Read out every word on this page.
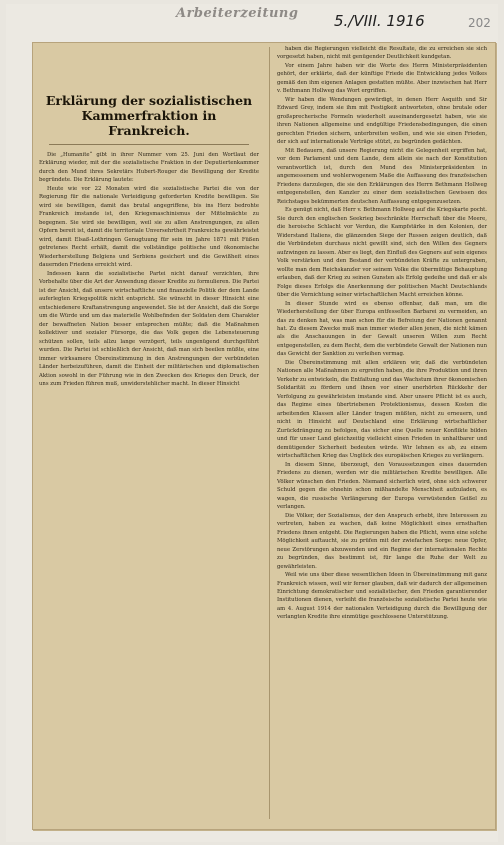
Arbeiterzeitung 5./VIII. 1916	202
Erklärung der sozialistischen Kammerfraktion in Frankreich.

Die „Humanite“ gibt in ihrer Nummer vom 25. Juni den Wortlaut der Erklärung wieder, mit der die sozialistische Fraktion in der Deputiertenkammer durch den Mund ihres Sekretärs Hubert-Rouger die Bewilligung der Kredite begründete. Die Erklärung lautete:

Heute wie vor 22 Monaten wird die sozialistische Partei die von der Regierung für die nationale Verteidigung geforderten Kredite bewilligen. Sie wird sie bewilligen, damit das brutal angegriffene, bis ins Herz bedrohte Frankreich imstande ist, den Kriegsmaschinismus der Mittelmächte zu begegnen. Sie wird sie bewilligen, weil sie zu allen Anstrengungen, zu allen Opfern bereit ist, damit die territoriale Unversehrtheit Frankreichs gewährleistet wird, damit Elsaß-Lothringen Genugtuung für sein im Jahre 1871 mit Füßen getretenes Recht erhält, damit die vollständige politische und ökonomische Wiederherstellung Belgiens und Serbiens gesichert und die Gewißheit eines dauernden Friedens erreicht wird.

Indessen kann die sozialistische Partei nicht darauf verzichten, ihre Vorbehalte über die Art der Anwendung dieser Kredite zu formulieren. Die Partei ist der Ansicht, daß unsere wirtschaftliche und finanzielle Politik der dem Lande auferlegten Kriegspolitik nicht entspricht. Sie wünscht in dieser Hinsicht eine entschiedenere Kraftanstrengung angewendet. Sie ist der Ansicht, daß die Sorge um die Würde und um das materielle Wohlbefinden der Soldaten dem Charakter der bewaffneten Nation besser entsprechen müßte; daß die Maßnahmen kollektiver und sozialer Fürsorge, die das Volk gegen die Lebensteuerung schützen sollen, teils allzu lange verzögert, teils ungenügend durchgeführt wurden. Die Partei ist schließlich der Ansicht, daß man sich beeilen müßte, eine immer wirksamere Übereinstimmung in den Anstrengungen der verbündeten Länder herbeizuführen, damit die Einheit der militärischen und diplomatischen Aktion sowohl in der Führung wie in den Zwecken des Krieges den Druck, der uns zum Frieden führen muß, unwiderstehlicher macht. In dieser Hinsicht

haben die Regierungen vielleicht die Resultate, die zu erreichen sie sich vorgesetzt haben, nicht mit genügender Deutlichkeit kundgetan.

Vor einem Jahre haben wir die Worte des Herrn Ministerpräsidenten gehört, der erklärte, daß der künftige Friede die Entwicklung jedes Volkes gemäß den ihm eigenen Anlagen gestatten müßte. Aber inzwischen hat Herr v. Bethmann Hollweg das Wort ergriffen.

Wir haben die Wendungen gewürdigt, in denen Herr Asquith und Sir Edward Grey, indem sie ihm mit Festigkeit antworteten, ohne brutale oder großsprecherische Formeln wiederholt auseinandergesetzt haben, wie sie ihren Nationen allgemeine und endgültige Friedensbedingungen, die einen gerechten Frieden sichern, unterbreiten wollen, und wie sie einen Frieden, der sich auf internationale Verträge stützt, zu begründen gedächten.

Mit Bedauern, daß unsere Regierung nicht die Gelegenheit ergriffen hat, vor dem Parlament und dem Lande, dem allein sie nach der Konstitution verantwortlich ist, durch den Mund des Ministerpräsidenten in angemessenem und wohlerwogenem Maße die Auffassung des französischen Friedens darzulegen, die sie den Erklärungen des Herrn Bethmann Hollweg entgegenstellen, den Kanzler zu einer dem sozialistischen Gewissen des Reichstages bekümmerten deutschen Auffassung entgegenzusetzen.

Es genügt nicht, daß Herr v. Bethmann Hollweg auf die Kriegskarte pocht. Sie durch den englischen Seekrieg beschränkte Herrschaft über die Meere, die heroische Schlacht vor Verdun, die Kampfstärke in den Kolonien, der Widerstand Italiens, die glänzenden Siege der Russen zeigen deutlich, daß die Verbündeten durchaus nicht gewillt sind, sich den Willen des Gegners aufzwingen zu lassen. Aber es liegt, den Einfluß des Gegners auf sein eigenes Volk verstärken und den Bestand der verbündeten Kräfte zu untergraben, wollte man dem Reichskanzler vor seinem Volke die übermütige Behauptung erlauben, daß der Krieg zu seinen Gunsten als Erfolg gedeihe und daß er als Folge dieses Erfolgs die Anerkennung der politischen Macht Deutschlands über die Vernichtung seiner wirtschaftlichen Macht erreichen könne.

In dieser Stunde wird es ebenso offenbar, daß man, um die Wiederherstellung der über Europa entfesselten Barbarei zu vermeiden, an das zu denken hat, was man schon für die Befreiung der Nationen genannt hat. Zu diesem Zwecke muß man immer wieder allen jenen, die nicht kämen als die Anschauungen in der Gewalt unseren Willen zum Recht entgegenstellen, zu dem Recht, dem die verbündete Gewalt der Nationen nun das Gewicht der Sanktion zu verleihen vermag.

Die Übereinstimmung mit allen erklären wir, daß die verbündeten Nationen alle Maßnahmen zu ergreifen haben, die ihre Produktion und ihren Verkehr zu entwickeln, die Entfaltung und das Wachstum ihrer ökonomischen Solidarität zu fördern und ihnen vor einer unerhörten Rückkehr der Verfolgung zu gewährleisten imstande sind. Aber unsere Pflicht ist es auch, das Regime eines übertriebenen Protektionismus, dessen Kosten die arbeitenden Klassen aller Länder tragen müßten, nicht zu erneuern, und nicht in Hinsicht auf Deutschland eine Erklärung wirtschaftlicher Zurückdrängung zu befolgen, das sicher eine Quelle neuer Konflikte bilden und für unser Land gleichzeitig vielleicht einen Frieden in unhaltbarer und demütigender Sicherheit bedeuten würde. Wir lehnen es ab, zu einem wirtschaftlichen Krieg das Unglück des europäischen Krieges zu verlängern.

In diesem Sinne, überzeugt, den Voraussetzungen eines dauernden Friedens zu dienen, werden wir die militärischen Kredite bewilligen. Alle Völker wünschen den Frieden. Niemand sicherlich wird, ohne sich schwerer Schuld gegen die ohnehin schon mißhandelte Menschheit aufzuladen, es wagen, die russische Verlängerung der Europa verwüstenden Geißel zu verlangen.

Die Völker, der Sozialismus, der den Anspruch erhebt, ihre Interessen zu vertreten, haben zu wachen, daß keine Möglichkeit eines ernsthaften Friedens ihnen entgeht. Die Regierungen haben die Pflicht, wenn eine solche Möglichkeit auftaucht, sie zu prüfen mit der zwiefachen Sorge: neue Opfer, neue Zerstörungen abzuwenden und ein Regime der internationalen Rechte zu begründen, das bestimmt ist, für lange die Ruhe der Welt zu gewährleisten.

Weil wie uns über diese wesentlichen Ideen in Übereinstimmung mit ganz Frankreich wissen, weil wir ferner glauben, daß wir dadurch der allgemeinen Einrichtung demokratischer und sozialistischer, den Frieden garantierender Institutionen dienen, verleiht die französische sozialistische Partei heute wie am 4. August 1914 der nationalen Verteidigung durch die Bewilligung der verlangten Kredite ihre einmütige geschlossene Unterstützung.
